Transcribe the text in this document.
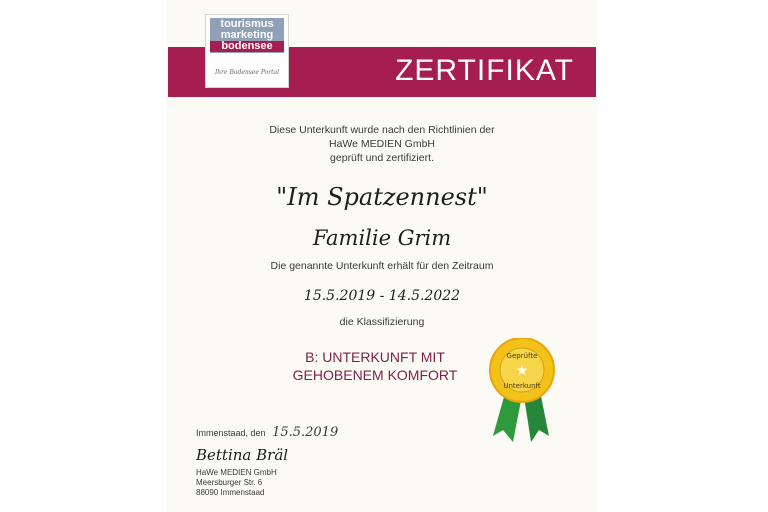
ZERTIFIKAT
tourismus
marketing
bodensee
Ihre Bodensee Portal
Diese Unterkunft wurde nach den Richtlinien der
HaWe MEDIEN GmbH
geprüft und zertifiziert.
"Im Spatzennest"
Familie Grim
Die genannte Unterkunft erhält für den Zeitraum
15.5.2019 - 14.5.2022
die Klassifizierung
B: UNTERKUNFT MIT
GEHOBENEM KOMFORT
Geprüfte
★
Unterkunft
Immenstaad, den 15.5.2019
Bettina Bräl
HaWe MEDIEN GmbH
Meersburger Str. 6
88090 Immenstaad
